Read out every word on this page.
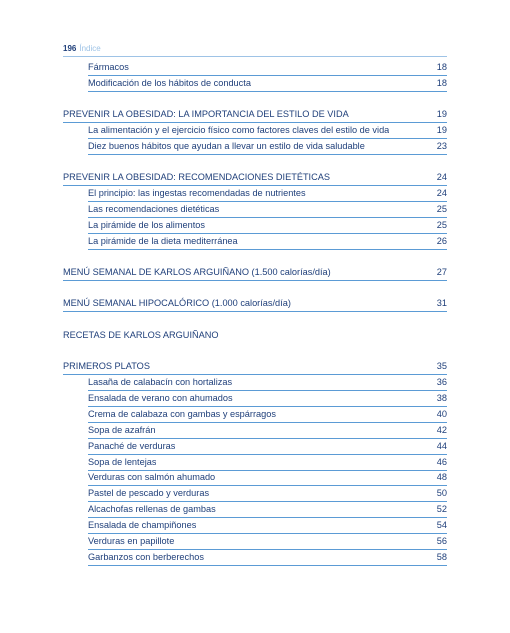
196 Índice
Fármacos	18
Modificación de los hábitos de conducta	18
PREVENIR LA OBESIDAD: LA IMPORTANCIA DEL ESTILO DE VIDA	19
La alimentación y el ejercicio físico como factores claves del estilo de vida	19
Diez buenos hábitos que ayudan a llevar un estilo de vida saludable	23
PREVENIR LA OBESIDAD: RECOMENDACIONES DIETÉTICAS	24
El principio: las ingestas recomendadas de nutrientes	24
Las recomendaciones dietéticas	25
La pirámide de los alimentos	25
La pirámide de la dieta mediterránea	26
MENÚ SEMANAL DE KARLOS ARGUIÑANO (1.500 calorías/día)	27
MENÚ SEMANAL HIPOCALÓRICO (1.000 calorías/día)	31
RECETAS DE KARLOS ARGUIÑANO
PRIMEROS PLATOS	35
Lasaña de calabacín con hortalizas	36
Ensalada de verano con ahumados	38
Crema de calabaza con gambas y espárragos	40
Sopa de azafrán	42
Panaché de verduras	44
Sopa de lentejas	46
Verduras con salmón ahumado	48
Pastel de pescado y verduras	50
Alcachofas rellenas de gambas	52
Ensalada de champiñones	54
Verduras en papillote	56
Garbanzos con berberechos	58
